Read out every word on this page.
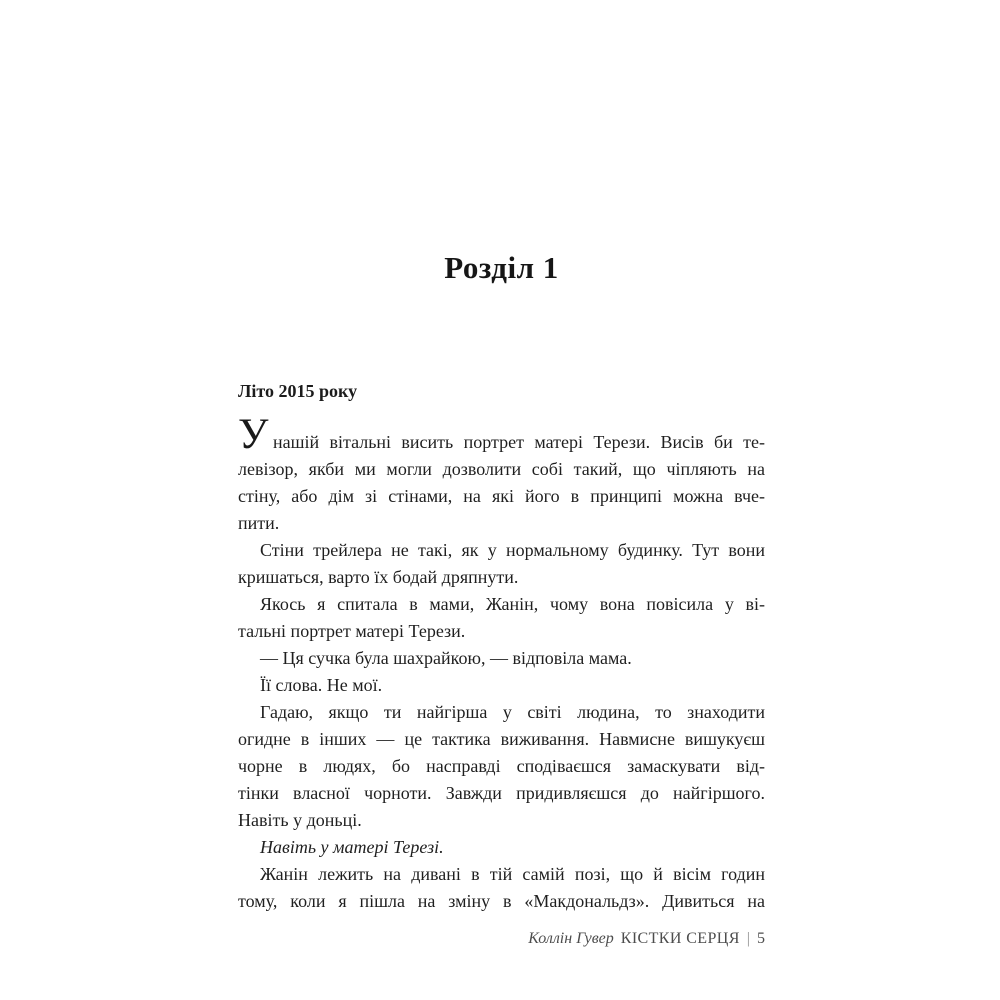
Розділ 1
Літо 2015 року
У нашій вітальні висить портрет матері Терези. Висів би те-
левізор, якби ми могли дозволити собі такий, що чіпляють на
стіну, або дім зі стінами, на які його в принципі можна вче-
пити.
Стіни трейлера не такі, як у нормальному будинку. Тут вони
кришаться, варто їх бодай дряпнути.
Якось я спитала в мами, Жанін, чому вона повісила у ві-
тальні портрет матері Терези.
— Ця сучка була шахрайкою, — відповіла мама.
Її слова. Не мої.
Гадаю, якщо ти найгірша у світі людина, то знаходити
огидне в інших — це тактика виживання. Навмисне вишукуєш
чорне в людях, бо насправді сподіваєшся замаскувати від-
тінки власної чорноти. Завжди придивляєшся до найгіршого.
Навіть у доньці.
Навіть у матері Терезі.
Жанін лежить на дивані в тій самій позі, що й вісім годин
тому, коли я пішла на зміну в «Макдональдз». Дивиться на
Коллін Гувер КІСТКИ СЕРЦЯ | 5
